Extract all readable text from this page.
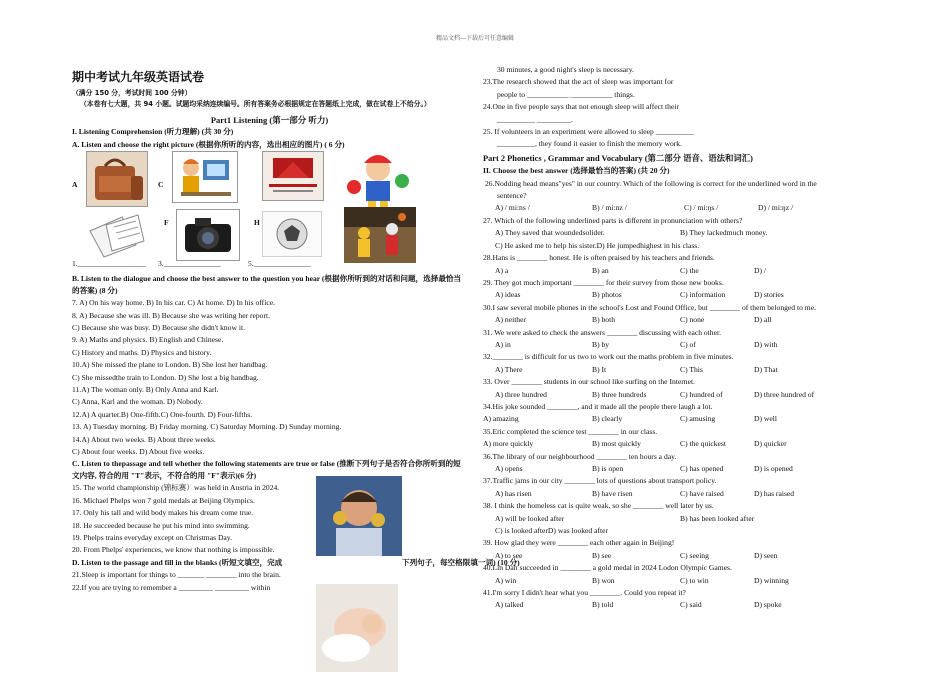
精品文档---下载后可任意编辑
期中考试九年级英语试卷
（满分 150 分，考试时间 100 分钟）
（本卷有七大题，共 94 小题。试题均采纳连续编号。所有答案务必根据规定在答题纸上完成，做在试卷上不给分。）
Part1 Listening (第一部分 听力)
I. Listening Comprehension (听力理解) (共 30 分)
A. Listen and choose the right picture (根据你所听的内容，选出相应的图片) ( 6 分)
A	C
F	H
1.__________________ 3._______________	5._______________
B. Listen to the dialogue and choose the best answer to the question you hear (根据你所听到的对话和问题，选择最恰当的答案) (8 分)
7. A) On his way home. B) In his car. C) At home. D) In his office.
8. A) Because she was ill. B) Because she was writing her report.
C) Because she was busy. D) Because she didn't know it.
9. A) Maths and physics. B) English and Chinese.
C) History and maths. D) Physics and history.
10.A) She missed the plane to London. B) She lost her handbag.
C) She missedthe train to London. D) She lost a big handbag.
11.A) The woman only. B) Only Anna and Karl.
C) Anna, Karl and the woman. D) Nobody.
12.A) A quarter.B) One-fifth.C) One-fourth. D) Four-fifths.
13. A) Tuesday morning. B) Friday morning. C) Saturday Morning. D) Sunday morning.
14.A) About two weeks. B) About three weeks.
C) About four weeks. D) About five weeks.
C. Listen to thepassage and tell whether the following statements are true or false (推断下列句子是否符合你所听到的短文内容, 符合的用 "T"表示，不符合的用 "F"表示)(6 分)
15. The world championship (锦标赛）was held in Austria in 2024.
16. Michael Phelps won 7 gold medals at Beijing Olympics.
17. Only his tall and wild body makes his dream come true.
18. He succeeded because he put his mind into swimming.
19. Phelps trains everyday except on Christmas Day.
20. From Phelps' experiences, we know that nothing is impossible.
D. Listen to the passage and fill in the blanks (听短文填空，完成	下列句子，每空格限填一词) (10 分)
21.Sleep is important for things to _______ ________ into the brain.
22.If you are trying to remember a _________ _________ within
30 minutes, a good night's sleep is necessary.
23.The research showed that the act of sleep was important for
people to ___________ ___________ things.
24.One in five people says that not enough sleep will affect their
__________ _________.
25. If volunteers in an experiment were allowed to sleep __________
__________, they found it easier to finish the memory work.
Part 2 Phonetics , Grammar and Vocabulary (第二部分 语音、语法和词汇)
II. Choose the best answer (选择最恰当的答案) (共 20 分)
26.Nodding head means"yes" in our country. Which of the following is correct for the underlined word in the
sentence?
A) / mi:ns /	B) / mi:nz /	C) / mi:ŋs /	D) / mi:ŋz /
27. Which of the following underlined parts is different in pronunciation with others?
A) They saved that woundedsolider.	B) They lackedmuch money.
C) He asked me to help his sister.D) He jumpedhighest in his class.
28.Hans is ________ honest. He is often praised by his teachers and friends.
A) a	B) an	C) the	D) /
29. They got much important ________ for their survey from those new books.
A) ideas	B) photos	C) information	D) stories
30.I saw several mobile phones in the school's Lost and Found Office, but ________ of them belonged to me.
A) neither	B) both	C) none	D) all
31. We were asked to check the answers ________ discussing with each other.
A) in	B) by	C) of	D) with
32.________ is difficult for us two to work out the maths problem in five minutes.
A) There	B) It	C) This	D) That
33. Over ________ students in our school like surfing on the Internet.
A) three hundred	B) three hundreds	C) hundred of	D) three hundred of
34.His joke sounded ________, and it made all the people there laugh a lot.
A) amazing	B) clearly	C) amusing	D) well
35.Eric completed the science test ________ in our class.
A) more quickly	B) most quickly	C) the quickest	D) quicker
36.The library of our neighbourhood ________ ten hours a day.
A) opens	B) is open	C) has opened	D) is opened
37.Traffic jams in our city ________ lots of questions about transport policy.
A) has risen	B) have risen	C) have raised	D) has raised
38. I think the homeless cat is quite weak, so she ________ well later by us.
A) will be looked after	B) has been looked after
C) is looked afterD) was looked after
39. How glad they were ________ each other again in Beijing!
A) to see	B) see	C) seeing	D) seen
40.Lin Dan succeeded in ________ a gold medal in 2024 Lodon Olympic Games.
A) win	B) won	C) to win	D) winning
41.I'm sorry I didn't hear what you ________. Could you repeat it?
A) talked	B) told	C) said	D) spoke
